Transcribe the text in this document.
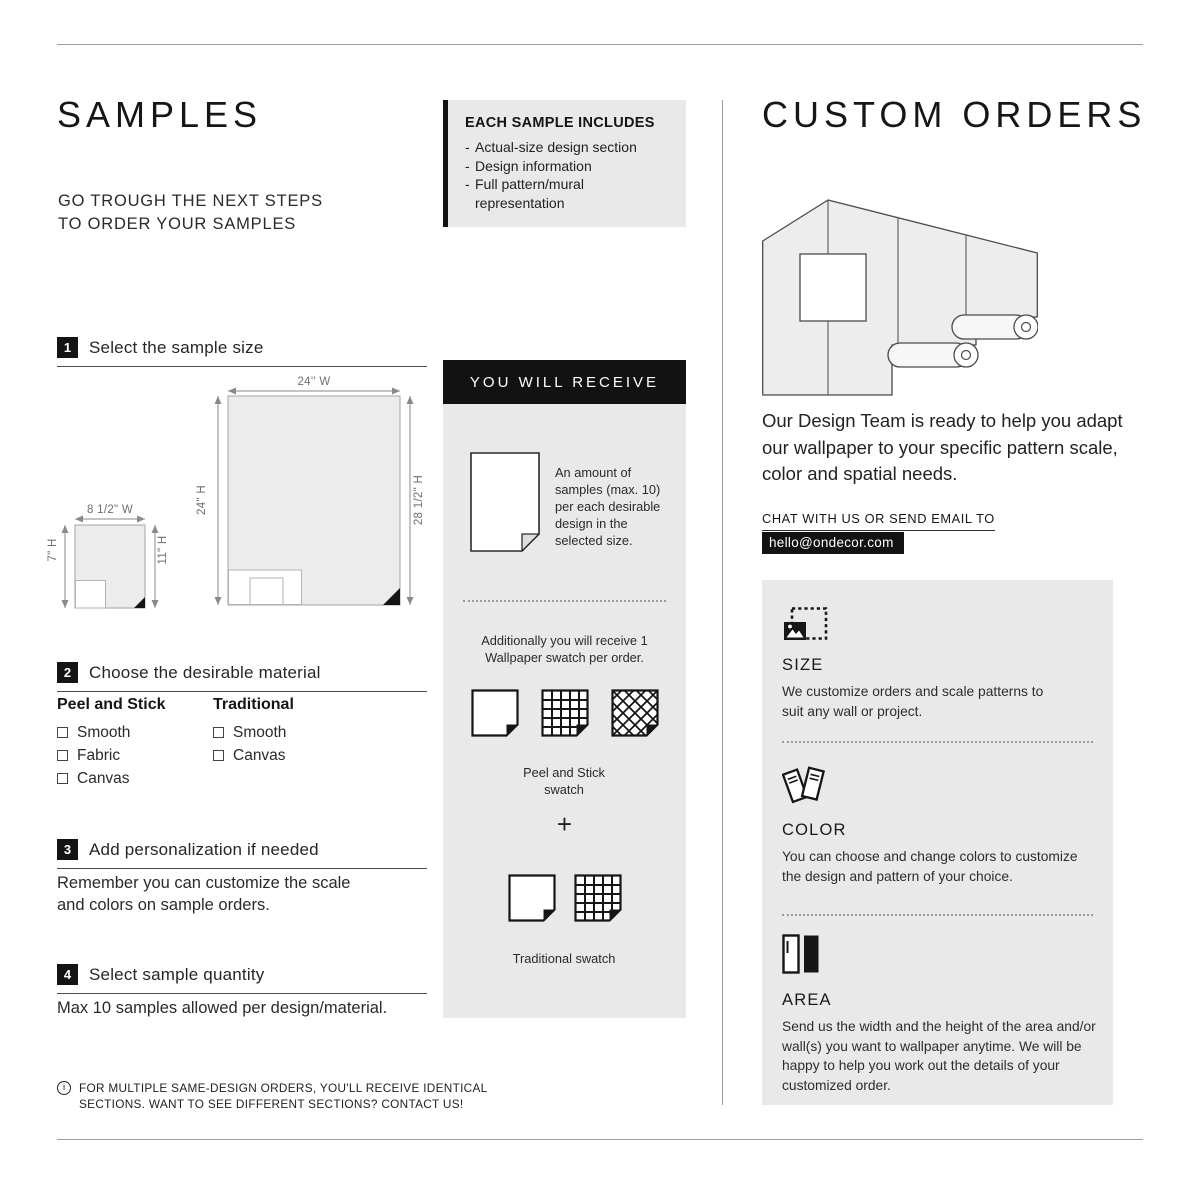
SAMPLES
GO TROUGH THE NEXT STEPS
TO ORDER YOUR SAMPLES
1	Select the sample size
24'' W
24" H	28 1/2" H
8 1/2" W
7" H	11" H
2	Choose the desirable material
Peel and Stick	Traditional
Smooth
Fabric
Canvas
Smooth
Canvas
3	Add personalization if needed
Remember you can customize the scale and colors on sample orders.
4	Select sample quantity
Max 10 samples allowed per design/material.
i	FOR MULTIPLE SAME-DESIGN ORDERS, YOU'LL RECEIVE IDENTICAL SECTIONS. WANT TO SEE DIFFERENT SECTIONS? CONTACT US!
EACH SAMPLE INCLUDES
- Actual-size design section
- Design information
- Full pattern/mural representation
YOU WILL RECEIVE
An amount of samples (max. 10) per each desirable design in the selected size.
Additionally you will receive 1 Wallpaper swatch per order.
Peel and Stick swatch
+
Traditional swatch
CUSTOM ORDERS
Our Design Team is ready to help you adapt our wallpaper to your specific pattern scale, color and spatial needs.
CHAT WITH US OR SEND EMAIL TO
hello@ondecor.com
SIZE
We customize orders and scale patterns to suit any wall or project.
COLOR
You can choose and change colors to customize the design and pattern of your choice.
AREA
Send us the width and the height of the area and/or wall(s) you want to wallpaper anytime. We will be happy to help you work out the details of your customized order.
